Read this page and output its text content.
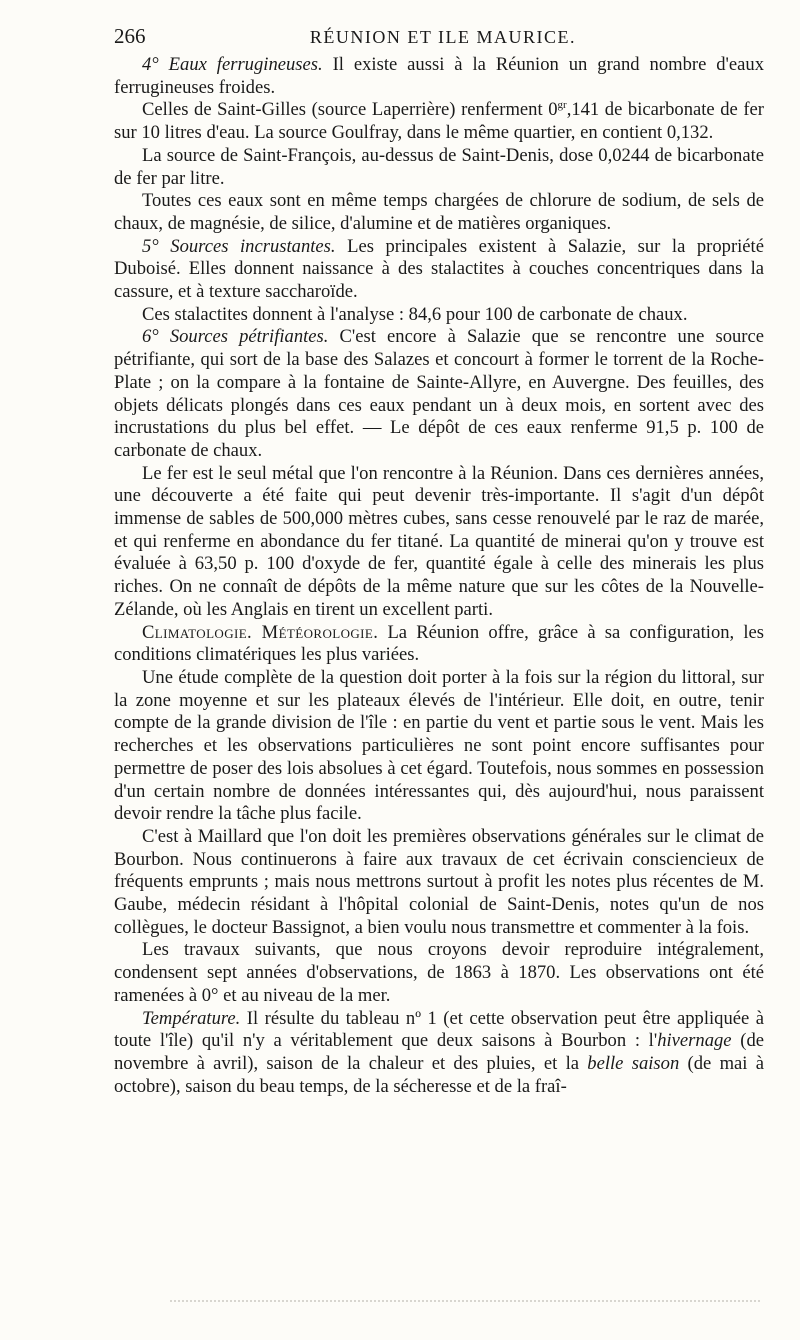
266	RÉUNION ET ILE MAURICE.

4° Eaux ferrugineuses. Il existe aussi à la Réunion un grand nombre d'eaux ferrugineuses froides.

Celles de Saint-Gilles (source Laperrière) renferment $0^{gr},141$ de bicarbonate de fer sur 10 litres d'eau. La source Goulfray, dans le même quartier, en contient 0,132.

La source de Saint-François, au-dessus de Saint-Denis, dose 0,0244 de bicarbonate de fer par litre.

Toutes ces eaux sont en même temps chargées de chlorure de sodium, de sels de chaux, de magnésie, de silice, d'alumine et de matières organiques.

5° Sources incrustantes. Les principales existent à Salazie, sur la propriété Duboisé. Elles donnent naissance à des stalactites à couches concentriques dans la cassure, et à texture saccharoïde.

Ces stalactites donnent à l'analyse : 84,6 pour 100 de carbonate de chaux.

6° Sources pétrifiantes. C'est encore à Salazie que se rencontre une source pétrifiante, qui sort de la base des Salazes et concourt à former le torrent de la Roche-Plate ; on la compare à la fontaine de Sainte-Allyre, en Auvergne. Des feuilles, des objets délicats plongés dans ces eaux pendant un à deux mois, en sortent avec des incrustations du plus bel effet. — Le dépôt de ces eaux renferme 91,5 p. 100 de carbonate de chaux.

Le fer est le seul métal que l'on rencontre à la Réunion. Dans ces dernières années, une découverte a été faite qui peut devenir très-importante. Il s'agit d'un dépôt immense de sables de 500,000 mètres cubes, sans cesse renouvelé par le raz de marée, et qui renferme en abondance du fer titané. La quantité de minerai qu'on y trouve est évaluée à 63,50 p. 100 d'oxyde de fer, quantité égale à celle des minerais les plus riches. On ne connaît de dépôts de la même nature que sur les côtes de la Nouvelle-Zélande, où les Anglais en tirent un excellent parti.

Climatologie. Météorologie. La Réunion offre, grâce à sa configuration, les conditions climatériques les plus variées.

Une étude complète de la question doit porter à la fois sur la région du littoral, sur la zone moyenne et sur les plateaux élevés de l'intérieur. Elle doit, en outre, tenir compte de la grande division de l'île : en partie du vent et partie sous le vent. Mais les recherches et les observations particulières ne sont point encore suffisantes pour permettre de poser des lois absolues à cet égard. Toutefois, nous sommes en possession d'un certain nombre de données intéressantes qui, dès aujourd'hui, nous paraissent devoir rendre la tâche plus facile.

C'est à Maillard que l'on doit les premières observations générales sur le climat de Bourbon. Nous continuerons à faire aux travaux de cet écrivain consciencieux de fréquents emprunts ; mais nous mettrons surtout à profit les notes plus récentes de M. Gaube, médecin résidant à l'hôpital colonial de Saint-Denis, notes qu'un de nos collègues, le docteur Bassignot, a bien voulu nous transmettre et commenter à la fois.

Les travaux suivants, que nous croyons devoir reproduire intégralement, condensent sept années d'observations, de 1863 à 1870. Les observations ont été ramenées à 0° et au niveau de la mer.

Température. Il résulte du tableau nº 1 (et cette observation peut être appliquée à toute l'île) qu'il n'y a véritablement que deux saisons à Bourbon : l'hivernage (de novembre à avril), saison de la chaleur et des pluies, et la belle saison (de mai à octobre), saison du beau temps, de la sécheresse et de la fraî-
